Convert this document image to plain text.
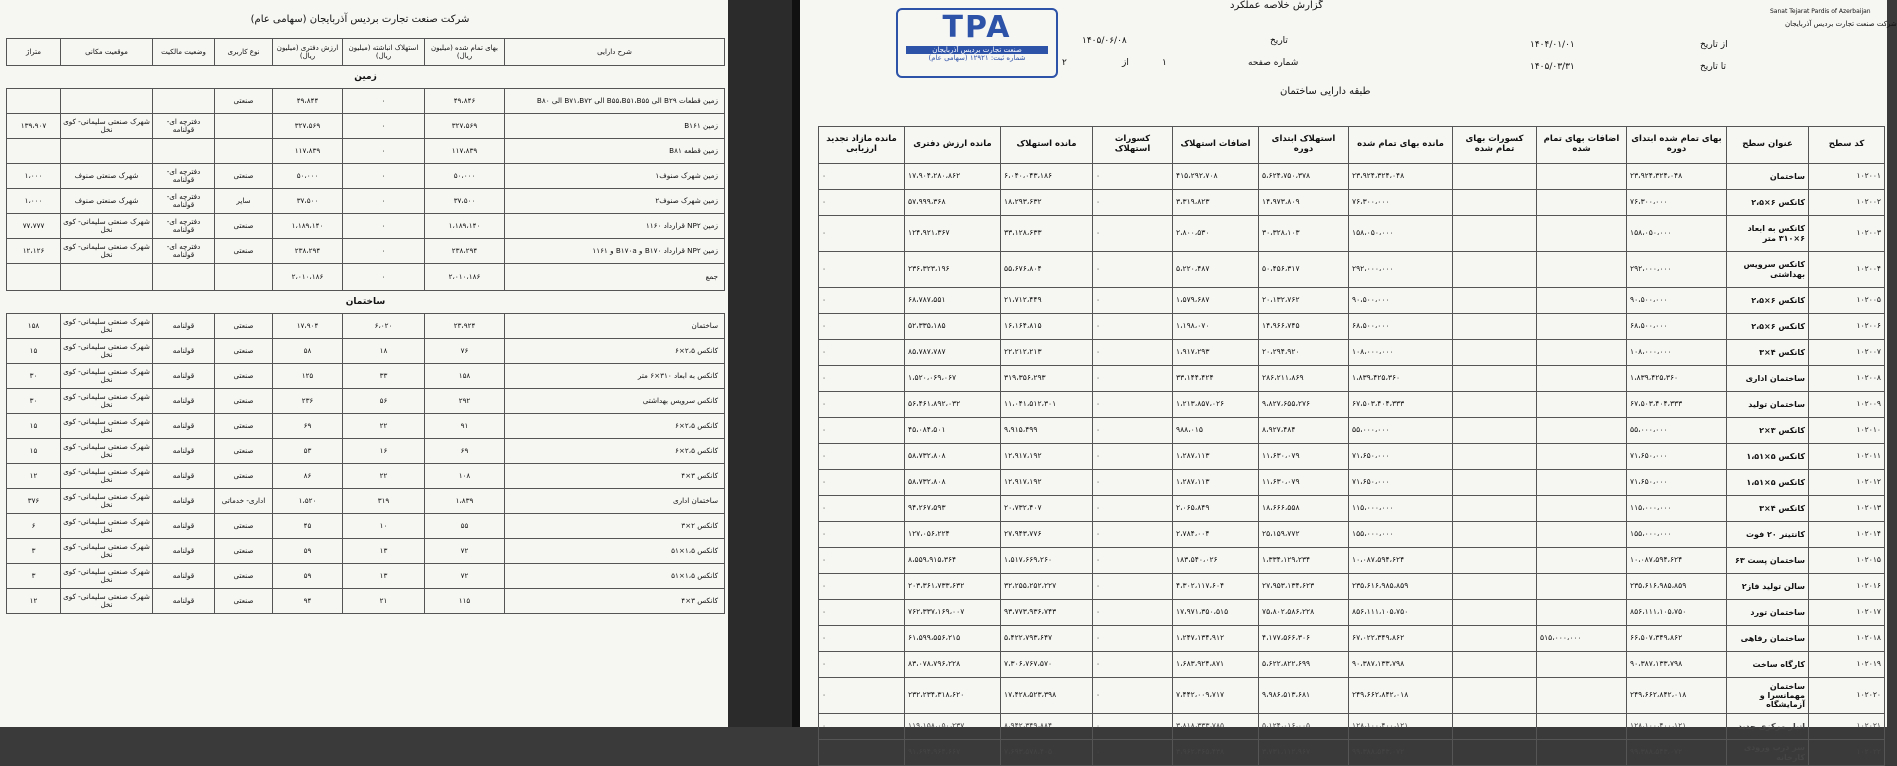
شرکت صنعت تجارت بردیس آذربایجان (سهامی عام)
شرح دارایی	بهای تمام شده (میلیون ریال)	استهلاک انباشته (میلیون ریال)	ارزش دفتری (میلیون ریال)	نوع کاربری	وضعیت مالکیت	موقعیت مکانی	متراژ
زمین							
زمین قطعات B۲۹ الی B۵۵،B۵۱،B۵۵ الی B۷۱،B۷۲ الی B۸۰	۴۹،۸۴۶	۰	۴۹،۸۴۴	صنعتی			
زمین B۱۶۱	۳۲۷،۵۶۹	۰	۳۲۷،۵۶۹		دفترچه ای- قولنامه	شهرک صنعتی سلیمانی- کوی نخل	۱۳۹،۹۰۷
زمین قطعه B۸۱	۱۱۷،۸۳۹	۰	۱۱۷،۸۳۹				
زمین شهرک صنوف۱	۵۰،۰۰۰	۰	۵۰،۰۰۰	صنعتی	دفترچه ای- قولنامه	شهرک صنعتی صنوف	۱،۰۰۰
زمین شهرک صنوف۲	۳۷،۵۰۰	۰	۳۷،۵۰۰	سایر	دفترچه ای- قولنامه	شهرک صنعتی صنوف	۱،۰۰۰
زمین NP۲ قرارداد ۱۱۶۰	۱،۱۸۹،۱۴۰	۰	۱،۱۸۹،۱۴۰	صنعتی	دفترچه ای- قولنامه	شهرک صنعتی سلیمانی- کوی نخل	۷۷،۷۷۷
زمین NP۲ قرارداد B۱۷۰ و B۱۷۰a و ۱۱۶۱	۲۳۸،۲۹۴	۰	۲۳۸،۲۹۴	صنعتی	دفترچه ای- قولنامه	شهرک صنعتی سلیمانی- کوی نخل	۱۲،۱۲۶
جمع	۲،۰۱۰،۱۸۶	۰	۲،۰۱۰،۱۸۶				
ساختمان							
ساختمان	۲۳،۹۲۴	۶،۰۲۰	۱۷،۹۰۴	صنعتی	قولنامه	شهرک صنعتی سلیمانی- کوی نخل	۱۵۸
کانکس ۲،۵×۶	۷۶	۱۸	۵۸	صنعتی	قولنامه	شهرک صنعتی سلیمانی- کوی نخل	۱۵
کانکس به ابعاد ۳۱۰×۶ متر	۱۵۸	۳۳	۱۲۵	صنعتی	قولنامه	شهرک صنعتی سلیمانی- کوی نخل	۳۰
کانکس سرویس بهداشتی	۲۹۲	۵۶	۲۳۶	صنعتی	قولنامه	شهرک صنعتی سلیمانی- کوی نخل	۳۰
کانکس ۲،۵×۶	۹۱	۲۲	۶۹	صنعتی	قولنامه	شهرک صنعتی سلیمانی- کوی نخل	۱۵
کانکس ۲،۵×۶	۶۹	۱۶	۵۳	صنعتی	قولنامه	شهرک صنعتی سلیمانی- کوی نخل	۱۵
کانکس ۳×۴	۱۰۸	۲۲	۸۶	صنعتی	قولنامه	شهرک صنعتی سلیمانی- کوی نخل	۱۲
ساختمان اداری	۱،۸۳۹	۳۱۹	۱،۵۲۰	اداری- خدماتی	قولنامه	شهرک صنعتی سلیمانی- کوی نخل	۳۷۶
کانکس ۲×۳	۵۵	۱۰	۴۵	صنعتی	قولنامه	شهرک صنعتی سلیمانی- کوی نخل	۶
کانکس ۱،۵×۵۱	۷۲	۱۳	۵۹	صنعتی	قولنامه	شهرک صنعتی سلیمانی- کوی نخل	۳
کانکس ۱،۵×۵۱	۷۲	۱۳	۵۹	صنعتی	قولنامه	شهرک صنعتی سلیمانی- کوی نخل	۳
کانکس ۳×۴	۱۱۵	۲۱	۹۴	صنعتی	قولنامه	شهرک صنعتی سلیمانی- کوی نخل	۱۲
TPA
صنعت تجارت بردیس آذربایجان
شماره ثبت: ۱۲۹۲۱ (سهامی عام)
گزارش خلاصه عملکرد
Sanat Tejarat Pardis of Azerbaijan
شرکت صنعت تجارت بردیس آذربایجان
از تاریخ
۱۴۰۴/۰۱/۰۱
تا تاریخ
۱۴۰۵/۰۳/۳۱
تاریخ
۱۴۰۵/۰۶/۰۸
شماره صفحه
۱
از
۲
طبقه دارایی ساختمان
کد سطح	عنوان سطح	بهای تمام شده ابتدای دوره	اضافات بهای تمام شده	کسورات بهای تمام شده	مانده بهای تمام شده	استهلاک ابتدای دوره	اضافات استهلاک	کسورات استهلاک	مانده استهلاک	مانده ارزش دفتری	مانده مازاد تجدید ارزیابی
۱۰۲۰۰۱	ساختمان	۲۳،۹۲۴،۳۲۴،۰۴۸			۲۳،۹۲۴،۳۲۴،۰۴۸	۵،۶۲۴،۷۵۰،۳۷۸	۴۱۵،۲۹۲،۷۰۸	۰	۶،۰۴۰،۰۴۳،۱۸۶	۱۷،۹۰۴،۲۸۰،۸۶۲	۰
۱۰۲۰۰۲	کانکس ۶×۲،۵	۷۶،۳۰۰،۰۰۰			۷۶،۳۰۰،۰۰۰	۱۴،۹۷۳،۸۰۹	۳،۳۱۹،۸۲۳	۰	۱۸،۲۹۳،۶۳۲	۵۷،۹۹۹،۳۶۸	۰
۱۰۲۰۰۳	کانکس به ابعاد ۶×۳۱۰ متر	۱۵۸،۰۵۰،۰۰۰			۱۵۸،۰۵۰،۰۰۰	۳۰،۳۲۸،۱۰۳	۲،۸۰۰،۵۳۰	۰	۳۳،۱۲۸،۶۳۳	۱۲۴،۹۲۱،۳۶۷	۰
۱۰۲۰۰۴	کانکس سرویس بهداشتی	۲۹۲،۰۰۰،۰۰۰			۲۹۲،۰۰۰،۰۰۰	۵۰،۴۵۶،۳۱۷	۵،۲۲۰،۴۸۷	۰	۵۵،۶۷۶،۸۰۴	۲۳۶،۳۲۳،۱۹۶	۰
۱۰۲۰۰۵	کانکس ۶×۲،۵	۹۰،۵۰۰،۰۰۰			۹۰،۵۰۰،۰۰۰	۲۰،۱۳۲،۷۶۲	۱،۵۷۹،۶۸۷	۰	۲۱،۷۱۲،۴۴۹	۶۸،۷۸۷،۵۵۱	۰
۱۰۲۰۰۶	کانکس ۶×۲،۵	۶۸،۵۰۰،۰۰۰			۶۸،۵۰۰،۰۰۰	۱۴،۹۶۶،۷۴۵	۱،۱۹۸،۰۷۰	۰	۱۶،۱۶۴،۸۱۵	۵۲،۳۳۵،۱۸۵	۰
۱۰۲۰۰۷	کانکس ۴×۳	۱۰۸،۰۰۰،۰۰۰			۱۰۸،۰۰۰،۰۰۰	۲۰،۲۹۴،۹۲۰	۱،۹۱۷،۲۹۳	۰	۲۲،۲۱۲،۲۱۳	۸۵،۷۸۷،۷۸۷	۰
۱۰۲۰۰۸	ساختمان اداری	۱،۸۳۹،۴۲۵،۳۶۰			۱،۸۳۹،۴۲۵،۳۶۰	۲۸۶،۲۱۱،۸۶۹	۳۳،۱۴۴،۴۲۴	۰	۳۱۹،۳۵۶،۲۹۳	۱،۵۲۰،۰۶۹،۰۶۷	۰
۱۰۲۰۰۹	ساختمان تولید	۶۷،۵۰۳،۴۰۴،۳۳۳			۶۷،۵۰۳،۴۰۴،۳۳۳	۹،۸۲۷،۶۵۵،۲۷۶	۱،۲۱۳،۸۵۷،۰۲۶	۰	۱۱،۰۴۱،۵۱۲،۳۰۱	۵۶،۴۶۱،۸۹۲،۰۳۲	۰
۱۰۲۰۱۰	کانکس ۳×۲	۵۵،۰۰۰،۰۰۰			۵۵،۰۰۰،۰۰۰	۸،۹۲۷،۴۸۴	۹۸۸،۰۱۵	۰	۹،۹۱۵،۴۹۹	۴۵،۰۸۴،۵۰۱	۰
۱۰۲۰۱۱	کانکس ۵×۱،۵۱	۷۱،۶۵۰،۰۰۰			۷۱،۶۵۰،۰۰۰	۱۱،۶۳۰،۰۷۹	۱،۲۸۷،۱۱۳	۰	۱۲،۹۱۷،۱۹۲	۵۸،۷۳۲،۸۰۸	۰
۱۰۲۰۱۲	کانکس ۵×۱،۵۱	۷۱،۶۵۰،۰۰۰			۷۱،۶۵۰،۰۰۰	۱۱،۶۳۰،۰۷۹	۱،۲۸۷،۱۱۳	۰	۱۲،۹۱۷،۱۹۲	۵۸،۷۳۲،۸۰۸	۰
۱۰۲۰۱۳	کانکس ۴×۳	۱۱۵،۰۰۰،۰۰۰			۱۱۵،۰۰۰،۰۰۰	۱۸،۶۶۶،۵۵۸	۲،۰۶۵،۸۴۹	۰	۲۰،۷۳۲،۴۰۷	۹۴،۲۶۷،۵۹۳	۰
۱۰۲۰۱۴	کانتینر ۲۰ فوت	۱۵۵،۰۰۰،۰۰۰			۱۵۵،۰۰۰،۰۰۰	۲۵،۱۵۹،۷۷۲	۲،۷۸۴،۰۰۴	۰	۲۷،۹۴۳،۷۷۶	۱۲۷،۰۵۶،۲۲۴	۰
۱۰۲۰۱۵	ساختمان پست ۶۳	۱۰،۰۸۷،۵۹۴،۶۲۴			۱۰،۰۸۷،۵۹۴،۶۲۴	۱،۳۳۴،۱۲۹،۲۳۴	۱۸۳،۵۴۰،۰۲۶	۰	۱،۵۱۷،۶۶۹،۲۶۰	۸،۵۵۹،۹۱۵،۳۶۴	۰
۱۰۲۰۱۶	سالن تولید فاز۲	۲۳۵،۶۱۶،۹۸۵،۸۵۹			۲۳۵،۶۱۶،۹۸۵،۸۵۹	۲۷،۹۵۳،۱۳۴،۶۲۳	۴،۳۰۲،۱۱۷،۶۰۴	۰	۳۲،۲۵۵،۲۵۲،۲۲۷	۲۰۳،۳۶۱،۷۳۳،۶۳۲	۰
۱۰۲۰۱۷	ساختمان تورد	۸۵۶،۱۱۱،۱۰۵،۷۵۰			۸۵۶،۱۱۱،۱۰۵،۷۵۰	۷۵،۸۰۲،۵۸۶،۲۲۸	۱۷،۹۷۱،۳۵۰،۵۱۵	۰	۹۳،۷۷۳،۹۳۶،۷۴۳	۷۶۲،۳۳۷،۱۶۹،۰۰۷	۰
۱۰۲۰۱۸	ساختمان رفاهی	۶۶،۵۰۷،۳۴۹،۸۶۲	۵۱۵،۰۰۰،۰۰۰		۶۷،۰۲۲،۳۴۹،۸۶۲	۴،۱۷۷،۵۶۶،۳۰۶	۱،۲۴۷،۱۳۴،۹۱۲	۰	۵،۴۲۲،۷۹۳،۶۴۷	۶۱،۵۹۹،۵۵۶،۲۱۵	۰
۱۰۲۰۱۹	کارگاه ساخت	۹۰،۳۸۷،۱۳۳،۷۹۸			۹۰،۳۸۷،۱۳۳،۷۹۸	۵،۶۲۲،۸۲۲،۶۹۹	۱،۶۸۳،۹۲۴،۸۷۱	۰	۷،۳۰۶،۷۶۷،۵۷۰	۸۳،۰۷۸،۷۹۶،۲۲۸	۰
۱۰۲۰۲۰	ساختمان مهمانسرا و آزمایشگاه	۲۴۹،۶۶۲،۸۴۲،۰۱۸			۲۴۹،۶۶۲،۸۴۲،۰۱۸	۹،۹۸۶،۵۱۳،۶۸۱	۷،۴۴۲،۰۰۹،۷۱۷	۰	۱۷،۴۲۸،۵۲۳،۳۹۸	۲۳۲،۲۳۴،۳۱۸،۶۲۰	۰
۱۰۲۰۲۱	انبار مرکزی جدید	۱۲۸،۱۰۰،۴۰۰،۱۲۱			۱۲۸،۱۰۰،۴۰۰،۱۲۱	۵،۱۲۴،۰۱۶،۰۰۵	۳،۸۱۸،۳۳۳،۷۸۵	۰	۸،۹۴۲،۳۴۹،۸۸۴	۱۱۹،۱۵۸،۰۵۰،۲۳۷	۰
۱۰۲۰۲۲	سر درب ورودی کارخانه	۹۹،۳۸۸،۵۴۳،۰۷۲			۹۹،۳۸۸،۵۴۳،۰۷۲	۳،۷۳۱،۱۱۲،۹۶۷	۳،۹۶۲،۴۶۵،۴۳۸	۰	۷،۶۹۳،۵۷۸،۴۰۵	۹۱،۶۹۴،۹۶۴،۶۶۷	۰
